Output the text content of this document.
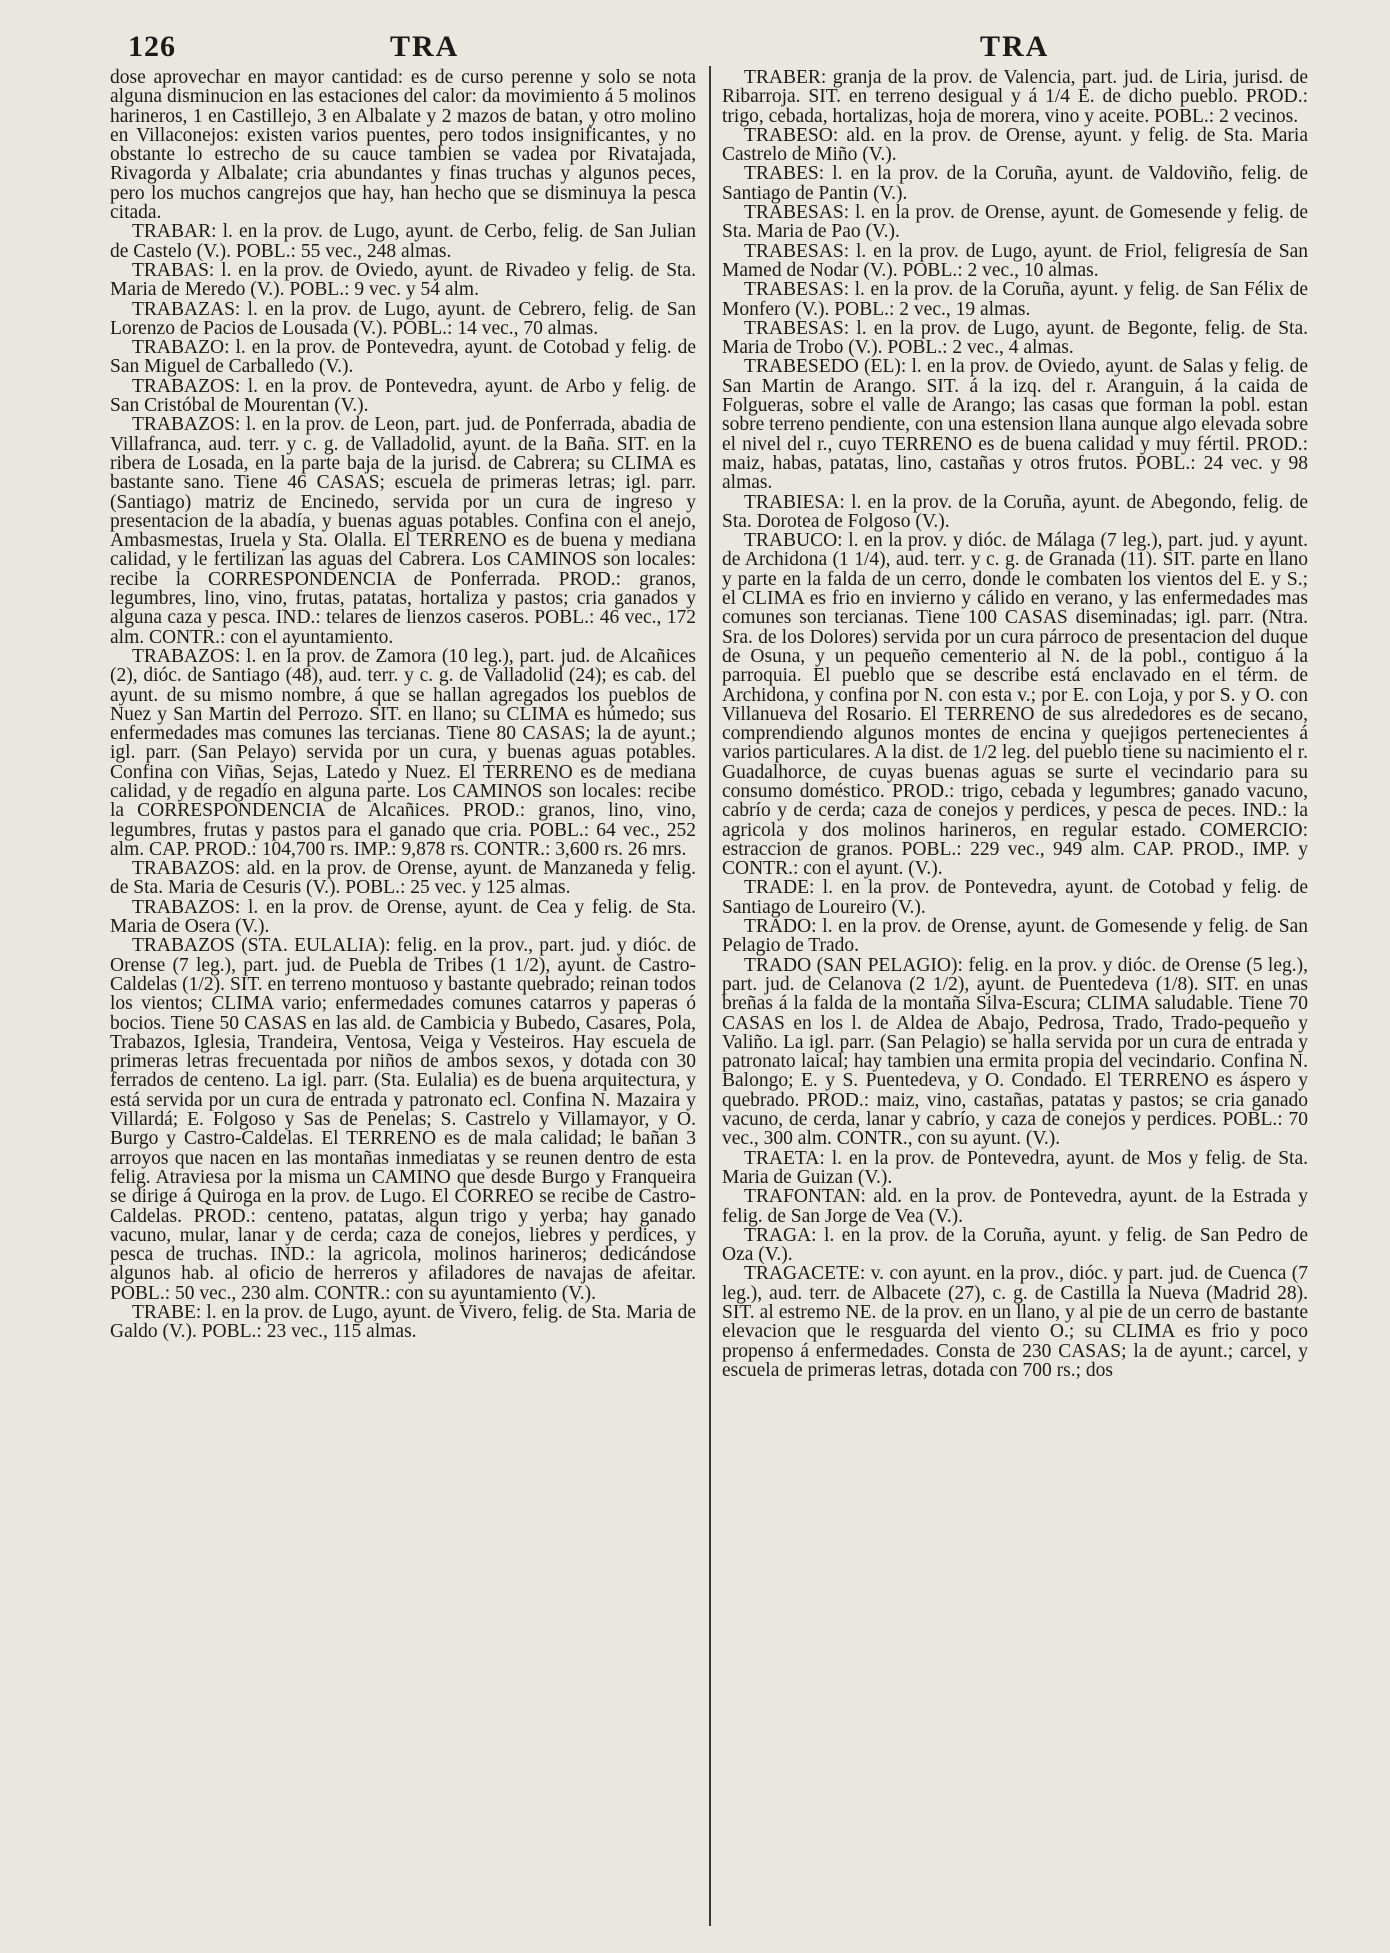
126	TRA	TRA

dose aprovechar en mayor cantidad: es de curso perenne y solo se nota alguna disminucion en las estaciones del calor: da movimiento á 5 molinos harineros, 1 en Castillejo, 3 en Albalate y 2 mazos de batan, y otro molino en Villaconejos: existen varios puentes, pero todos insignificantes, y no obstante lo estrecho de su cauce tambien se vadea por Rivatajada, Rivagorda y Albalate; cria abundantes y finas truchas y algunos peces, pero los muchos cangrejos que hay, han hecho que se disminuya la pesca citada.

TRABAR: l. en la prov. de Lugo, ayunt. de Cerbo, felig. de San Julian de Castelo (V.). POBL.: 55 vec., 248 almas.

TRABAS: l. en la prov. de Oviedo, ayunt. de Rivadeo y felig. de Sta. Maria de Meredo (V.). POBL.: 9 vec. y 54 alm.

TRABAZAS: l. en la prov. de Lugo, ayunt. de Cebrero, felig. de San Lorenzo de Pacios de Lousada (V.). POBL.: 14 vec., 70 almas.

TRABAZO: l. en la prov. de Pontevedra, ayunt. de Cotobad y felig. de San Miguel de Carballedo (V.).

TRABAZOS: l. en la prov. de Pontevedra, ayunt. de Arbo y felig. de San Cristóbal de Mourentan (V.).

TRABAZOS: l. en la prov. de Leon, part. jud. de Ponferrada, abadia de Villafranca, aud. terr. y c. g. de Valladolid, ayunt. de la Baña. SIT. en la ribera de Losada, en la parte baja de la jurisd. de Cabrera; su CLIMA es bastante sano. Tiene 46 CASAS; escuela de primeras letras; igl. parr. (Santiago) matriz de Encinedo, servida por un cura de ingreso y presentacion de la abadía, y buenas aguas potables. Confina con el anejo, Ambasmestas, Iruela y Sta. Olalla. El TERRENO es de buena y mediana calidad, y le fertilizan las aguas del Cabrera. Los CAMINOS son locales: recibe la CORRESPONDENCIA de Ponferrada. PROD.: granos, legumbres, lino, vino, frutas, patatas, hortaliza y pastos; cria ganados y alguna caza y pesca. IND.: telares de lienzos caseros. POBL.: 46 vec., 172 alm. CONTR.: con el ayuntamiento.

TRABAZOS: l. en la prov. de Zamora (10 leg.), part. jud. de Alcañices (2), dióc. de Santiago (48), aud. terr. y c. g. de Valladolid (24); es cab. del ayunt. de su mismo nombre, á que se hallan agregados los pueblos de Nuez y San Martin del Perrozo. SIT. en llano; su CLIMA es húmedo; sus enfermedades mas comunes las tercianas. Tiene 80 CASAS; la de ayunt.; igl. parr. (San Pelayo) servida por un cura, y buenas aguas potables. Confina con Viñas, Sejas, Latedo y Nuez. El TERRENO es de mediana calidad, y de regadío en alguna parte. Los CAMINOS son locales: recibe la CORRESPONDENCIA de Alcañices. PROD.: granos, lino, vino, legumbres, frutas y pastos para el ganado que cria. POBL.: 64 vec., 252 alm. CAP. PROD.: 104,700 rs. IMP.: 9,878 rs. CONTR.: 3,600 rs. 26 mrs.

TRABAZOS: ald. en la prov. de Orense, ayunt. de Manzaneda y felig. de Sta. Maria de Cesuris (V.). POBL.: 25 vec. y 125 almas.

TRABAZOS: l. en la prov. de Orense, ayunt. de Cea y felig. de Sta. Maria de Osera (V.).

TRABAZOS (STA. EULALIA): felig. en la prov., part. jud. y dióc. de Orense (7 leg.), part. jud. de Puebla de Tribes (1 1/2), ayunt. de Castro-Caldelas (1/2). SIT. en terreno montuoso y bastante quebrado; reinan todos los vientos; CLIMA vario; enfermedades comunes catarros y paperas ó bocios. Tiene 50 CASAS en las ald. de Cambicia y Bubedo, Casares, Pola, Trabazos, Iglesia, Trandeira, Ventosa, Veiga y Vesteiros. Hay escuela de primeras letras frecuentada por niños de ambos sexos, y dotada con 30 ferrados de centeno. La igl. parr. (Sta. Eulalia) es de buena arquitectura, y está servida por un cura de entrada y patronato ecl. Confina N. Mazaira y Villardá; E. Folgoso y Sas de Penelas; S. Castrelo y Villamayor, y O. Burgo y Castro-Caldelas. El TERRENO es de mala calidad; le bañan 3 arroyos que nacen en las montañas inmediatas y se reunen dentro de esta felig. Atraviesa por la misma un CAMINO que desde Burgo y Franqueira se dirige á Quiroga en la prov. de Lugo. El CORREO se recibe de Castro-Caldelas. PROD.: centeno, patatas, algun trigo y yerba; hay ganado vacuno, mular, lanar y de cerda; caza de conejos, liebres y perdices, y pesca de truchas. IND.: la agricola, molinos harineros; dedicándose algunos hab. al oficio de herreros y afiladores de navajas de afeitar. POBL.: 50 vec., 230 alm. CONTR.: con su ayuntamiento (V.).

TRABE: l. en la prov. de Lugo, ayunt. de Vivero, felig. de Sta. Maria de Galdo (V.). POBL.: 23 vec., 115 almas.

TRABER: granja de la prov. de Valencia, part. jud. de Liria, jurisd. de Ribarroja. SIT. en terreno desigual y á 1/4 E. de dicho pueblo. PROD.: trigo, cebada, hortalizas, hoja de morera, vino y aceite. POBL.: 2 vecinos.

TRABESO: ald. en la prov. de Orense, ayunt. y felig. de Sta. Maria Castrelo de Miño (V.).

TRABES: l. en la prov. de la Coruña, ayunt. de Valdoviño, felig. de Santiago de Pantin (V.).

TRABESAS: l. en la prov. de Orense, ayunt. de Gomesende y felig. de Sta. Maria de Pao (V.).

TRABESAS: l. en la prov. de Lugo, ayunt. de Friol, feligresía de San Mamed de Nodar (V.). POBL.: 2 vec., 10 almas.

TRABESAS: l. en la prov. de la Coruña, ayunt. y felig. de San Félix de Monfero (V.). POBL.: 2 vec., 19 almas.

TRABESAS: l. en la prov. de Lugo, ayunt. de Begonte, felig. de Sta. Maria de Trobo (V.). POBL.: 2 vec., 4 almas.

TRABESEDO (EL): l. en la prov. de Oviedo, ayunt. de Salas y felig. de San Martin de Arango. SIT. á la izq. del r. Aranguin, á la caida de Folgueras, sobre el valle de Arango; las casas que forman la pobl. estan sobre terreno pendiente, con una estension llana aunque algo elevada sobre el nivel del r., cuyo TERRENO es de buena calidad y muy fértil. PROD.: maiz, habas, patatas, lino, castañas y otros frutos. POBL.: 24 vec. y 98 almas.

TRABIESA: l. en la prov. de la Coruña, ayunt. de Abegondo, felig. de Sta. Dorotea de Folgoso (V.).

TRABUCO: l. en la prov. y dióc. de Málaga (7 leg.), part. jud. y ayunt. de Archidona (1 1/4), aud. terr. y c. g. de Granada (11). SIT. parte en llano y parte en la falda de un cerro, donde le combaten los vientos del E. y S.; el CLIMA es frio en invierno y cálido en verano, y las enfermedades mas comunes son tercianas. Tiene 100 CASAS diseminadas; igl. parr. (Ntra. Sra. de los Dolores) servida por un cura párroco de presentacion del duque de Osuna, y un pequeño cementerio al N. de la pobl., contiguo á la parroquia. El pueblo que se describe está enclavado en el térm. de Archidona, y confina por N. con esta v.; por E. con Loja, y por S. y O. con Villanueva del Rosario. El TERRENO de sus alrededores es de secano, comprendiendo algunos montes de encina y quejigos pertenecientes á varios particulares. A la dist. de 1/2 leg. del pueblo tiene su nacimiento el r. Guadalhorce, de cuyas buenas aguas se surte el vecindario para su consumo doméstico. PROD.: trigo, cebada y legumbres; ganado vacuno, cabrío y de cerda; caza de conejos y perdices, y pesca de peces. IND.: la agricola y dos molinos harineros, en regular estado. COMERCIO: estraccion de granos. POBL.: 229 vec., 949 alm. CAP. PROD., IMP. y CONTR.: con el ayunt. (V.).

TRADE: l. en la prov. de Pontevedra, ayunt. de Cotobad y felig. de Santiago de Loureiro (V.).

TRADO: l. en la prov. de Orense, ayunt. de Gomesende y felig. de San Pelagio de Trado.

TRADO (SAN PELAGIO): felig. en la prov. y dióc. de Orense (5 leg.), part. jud. de Celanova (2 1/2), ayunt. de Puentedeva (1/8). SIT. en unas breñas á la falda de la montaña Silva-Escura; CLIMA saludable. Tiene 70 CASAS en los l. de Aldea de Abajo, Pedrosa, Trado, Trado-pequeño y Valiño. La igl. parr. (San Pelagio) se halla servida por un cura de entrada y patronato laical; hay tambien una ermita propia del vecindario. Confina N. Balongo; E. y S. Puentedeva, y O. Condado. El TERRENO es áspero y quebrado. PROD.: maiz, vino, castañas, patatas y pastos; se cria ganado vacuno, de cerda, lanar y cabrío, y caza de conejos y perdices. POBL.: 70 vec., 300 alm. CONTR., con su ayunt. (V.).

TRAETA: l. en la prov. de Pontevedra, ayunt. de Mos y felig. de Sta. Maria de Guizan (V.).

TRAFONTAN: ald. en la prov. de Pontevedra, ayunt. de la Estrada y felig. de San Jorge de Vea (V.).

TRAGA: l. en la prov. de la Coruña, ayunt. y felig. de San Pedro de Oza (V.).

TRAGACETE: v. con ayunt. en la prov., dióc. y part. jud. de Cuenca (7 leg.), aud. terr. de Albacete (27), c. g. de Castilla la Nueva (Madrid 28). SIT. al estremo NE. de la prov. en un llano, y al pie de un cerro de bastante elevacion que le resguarda del viento O.; su CLIMA es frio y poco propenso á enfermedades. Consta de 230 CASAS; la de ayunt.; carcel, y escuela de primeras letras, dotada con 700 rs.; dos
